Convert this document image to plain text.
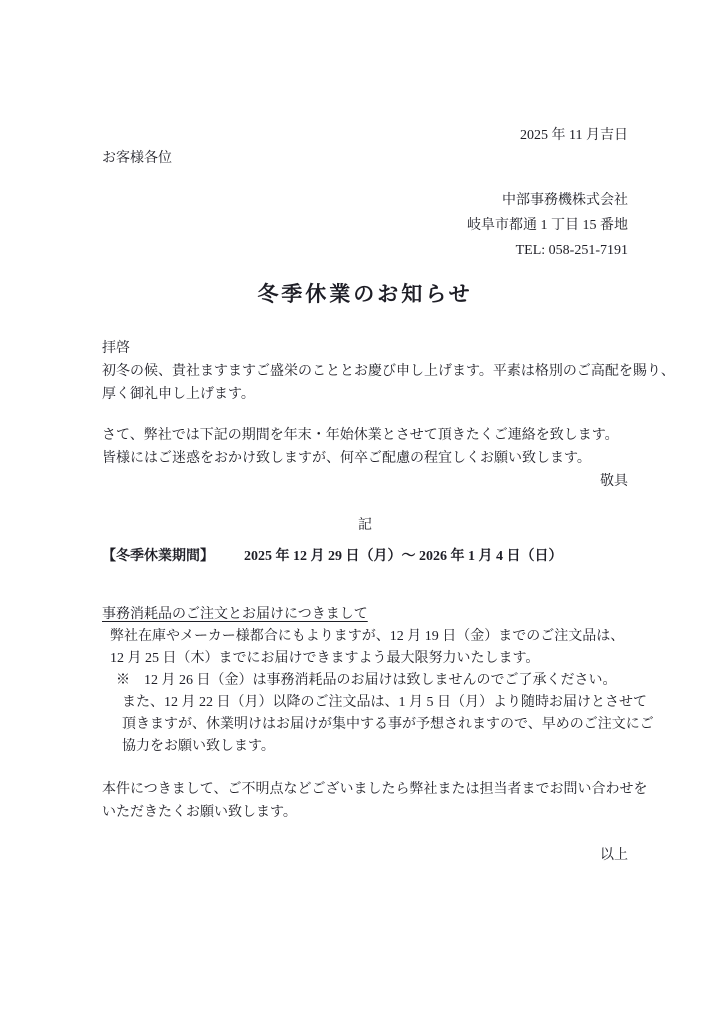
2025 年 11 月吉日
お客様各位
中部事務機株式会社
岐阜市都通 1 丁目 15 番地
TEL: 058-251-7191
冬季休業のお知らせ
拝啓
初冬の候、貴社ますますご盛栄のこととお慶び申し上げます。平素は格別のご高配を賜り、
厚く御礼申し上げます。
さて、弊社では下記の期間を年末・年始休業とさせて頂きたくご連絡を致します。
皆様にはご迷惑をおかけ致しますが、何卒ご配慮の程宜しくお願い致します。
敬具
記
【冬季休業期間】 2025 年 12 月 29 日（月）～ 2026 年 1 月 4 日（日）
事務消耗品のご注文とお届けにつきまして
弊社在庫やメーカー様都合にもよりますが、12 月 19 日（金）までのご注文品は、
12 月 25 日（木）までにお届けできますよう最大限努力いたします。
※　12 月 26 日（金）は事務消耗品のお届けは致しませんのでご了承ください。
また、12 月 22 日（月）以降のご注文品は、1 月 5 日（月）より随時お届けとさせて
頂きますが、休業明けはお届けが集中する事が予想されますので、早めのご注文にご
協力をお願い致します。
本件につきまして、ご不明点などございましたら弊社または担当者までお問い合わせを
いただきたくお願い致します。
以上
